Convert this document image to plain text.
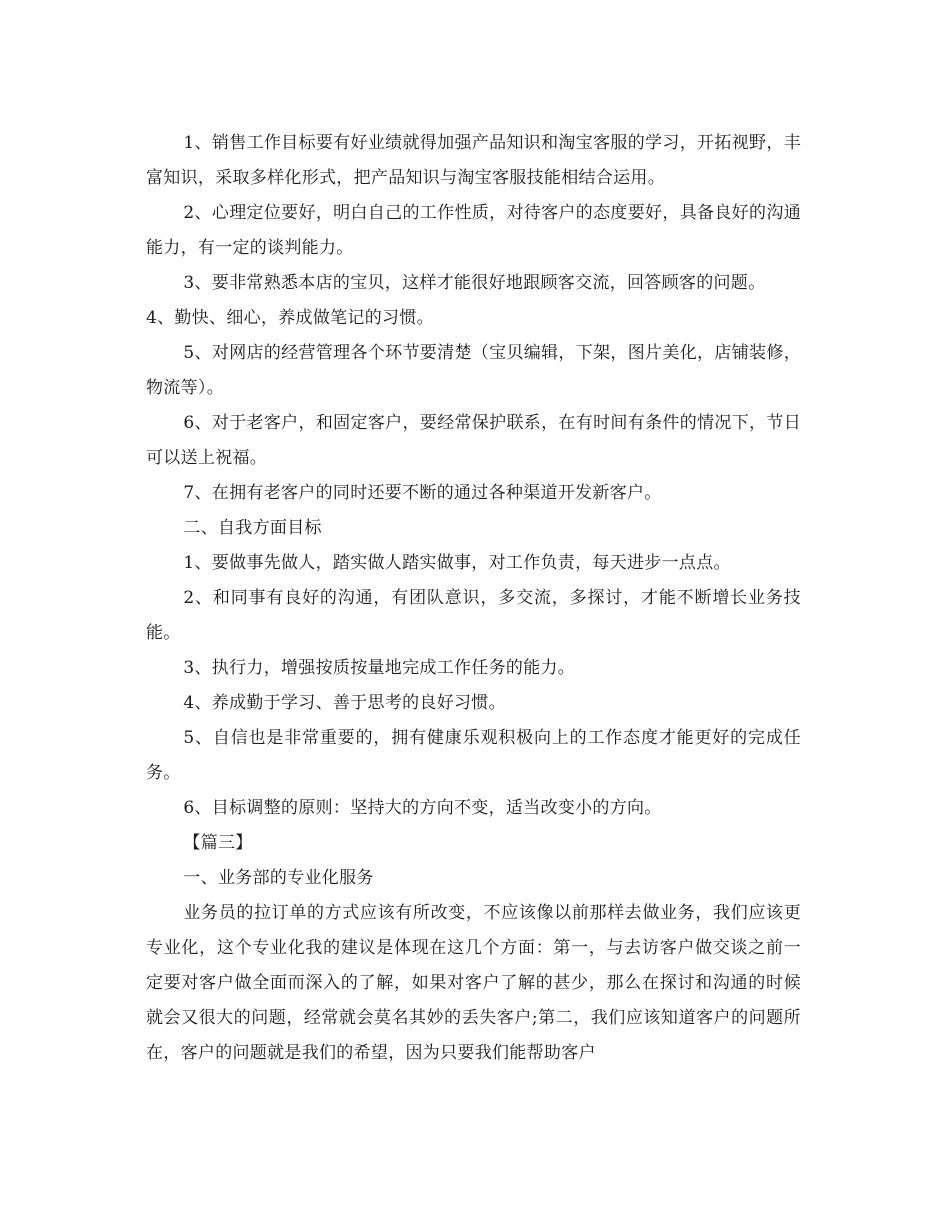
1、销售工作目标要有好业绩就得加强产品知识和淘宝客服的学习，开拓视野，丰富知识，采取多样化形式，把产品知识与淘宝客服技能相结合运用。

2、心理定位要好，明白自己的工作性质，对待客户的态度要好，具备良好的沟通能力，有一定的谈判能力。

3、要非常熟悉本店的宝贝，这样才能很好地跟顾客交流，回答顾客的问题。

4、勤快、细心，养成做笔记的习惯。

5、对网店的经营管理各个环节要清楚（宝贝编辑，下架，图片美化，店铺装修，物流等）。

6、对于老客户，和固定客户，要经常保护联系，在有时间有条件的情况下，节日可以送上祝福。

7、在拥有老客户的同时还要不断的通过各种渠道开发新客户。

二、自我方面目标

1、要做事先做人，踏实做人踏实做事，对工作负责，每天进步一点点。

2、和同事有良好的沟通，有团队意识，多交流，多探讨，才能不断增长业务技能。

3、执行力，增强按质按量地完成工作任务的能力。

4、养成勤于学习、善于思考的良好习惯。

5、自信也是非常重要的，拥有健康乐观积极向上的工作态度才能更好的完成任务。

6、目标调整的原则：坚持大的方向不变，适当改变小的方向。

【篇三】

一、业务部的专业化服务

业务员的拉订单的方式应该有所改变，不应该像以前那样去做业务，我们应该更专业化，这个专业化我的建议是体现在这几个方面：第一，与去访客户做交谈之前一定要对客户做全面而深入的了解，如果对客户了解的甚少，那么在探讨和沟通的时候就会又很大的问题，经常就会莫名其妙的丢失客户;第二，我们应该知道客户的问题所在，客户的问题就是我们的希望，因为只要我们能帮助客户
